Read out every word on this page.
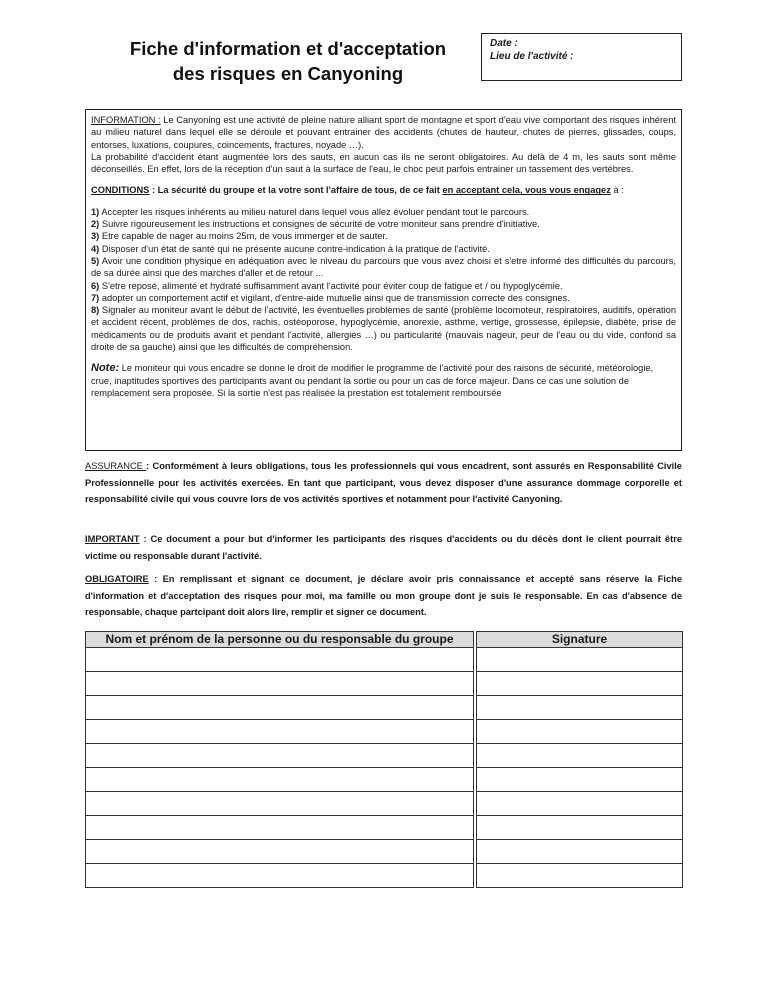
Fiche d'information et d'acceptation
des risques en Canyoning
Date :
Lieu de l'activité :

INFORMATION : Le Canyoning est une activité de pleine nature alliant sport de montagne et sport d'eau vive comportant des risques inhérent au milieu naturel dans lequel elle se déroule et pouvant entrainer des accidents (chutes de hauteur, chutes de pierres, glissades, coups, entorses, luxations, coupures, coincements, fractures, noyade …).

La probabilité d'accident étant augmentée lors des sauts, en aucun cas ils ne seront obligatoires. Au delà de 4 m, les sauts sont même déconseillés. En effet, lors de la réception d'un saut à la surface de l'eau, le choc peut parfois entrainer un tassement des vertèbres.

CONDITIONS : La sécurité du groupe et la votre sont l'affaire de tous, de ce fait en acceptant cela, vous vous engagez à :

1) Accepter les risques inhérents au milieu naturel dans lequel vous allez évoluer pendant tout le parcours.

2) Suivre rigoureusement les instructions et consignes de sécurité de votre moniteur sans prendre d'initiative.

3) Etre capable de nager au moins 25m, de vous immerger et de sauter.

4) Disposer d'un état de santé qui ne présente aucune contre-indication à la pratique de l'activité.

5) Avoir une condition physique en adéquation avec le niveau du parcours que vous avez choisi et s'etre informé des difficultés du parcours, de sa durée ainsi que des marches d'aller et de retour ...

6) S'etre reposé, alimenté et hydraté suffisamment avant l'activité pour éviter coup de fatigue et / ou hypoglycémie.

7) adopter un comportement actif et vigilant, d'entre-aide mutuelle ainsi que de transmission correcte des consignes.

8) Signaler au moniteur avant le début de l'activité, les éventuelles problèmes de santé (problème locomoteur, respiratoires, auditifs, opération et accident récent, problèmes de dos, rachis, ostéoporose, hypoglycémie, anorexie, asthme, vertige, grossesse, épilepsie, diabète, prise de médicaments ou de produits avant et pendant l'activité, allergies …) ou particularité (mauvais nageur, peur de l'eau ou du vide, confond sa droite de sa gauche) ainsi que les difficultés de compréhension.

Note: Le moniteur qui vous encadre se donne le droit de modifier le programme de l'activité pour des raisons de sécurité, météorologie, crue, inaptitudes sportives des participants avant ou pendant la sortie ou pour un cas de force majeur. Dans ce cas une solution de remplacement sera proposée. Si la sortie n'est pas réalisée la prestation est totalement remboursée

ASSURANCE : Conformément à leurs obligations, tous les professionnels qui vous encadrent, sont assurés en Responsabilité Civile Professionnelle pour les activités exercées. En tant que participant, vous devez disposer d'une assurance dommage corporelle et responsabilité civile qui vous couvre lors de vos activités sportives et notamment pour l'activité Canyoning.
IMPORTANT : Ce document a pour but d'informer les participants des risques d'accidents ou du décès dont le client pourrait être victime ou responsable durant l'activité.
OBLIGATOIRE : En remplissant et signant ce document, je déclare avoir pris connaissance et accepté sans réserve la Fiche d'information et d'acceptation des risques pour moi, ma famille ou mon groupe dont je suis le responsable. En cas d'absence de responsable, chaque partcipant doit alors lire, remplir et signer ce document.
Nom et prénom de la personne ou du responsable du groupe		Signature
